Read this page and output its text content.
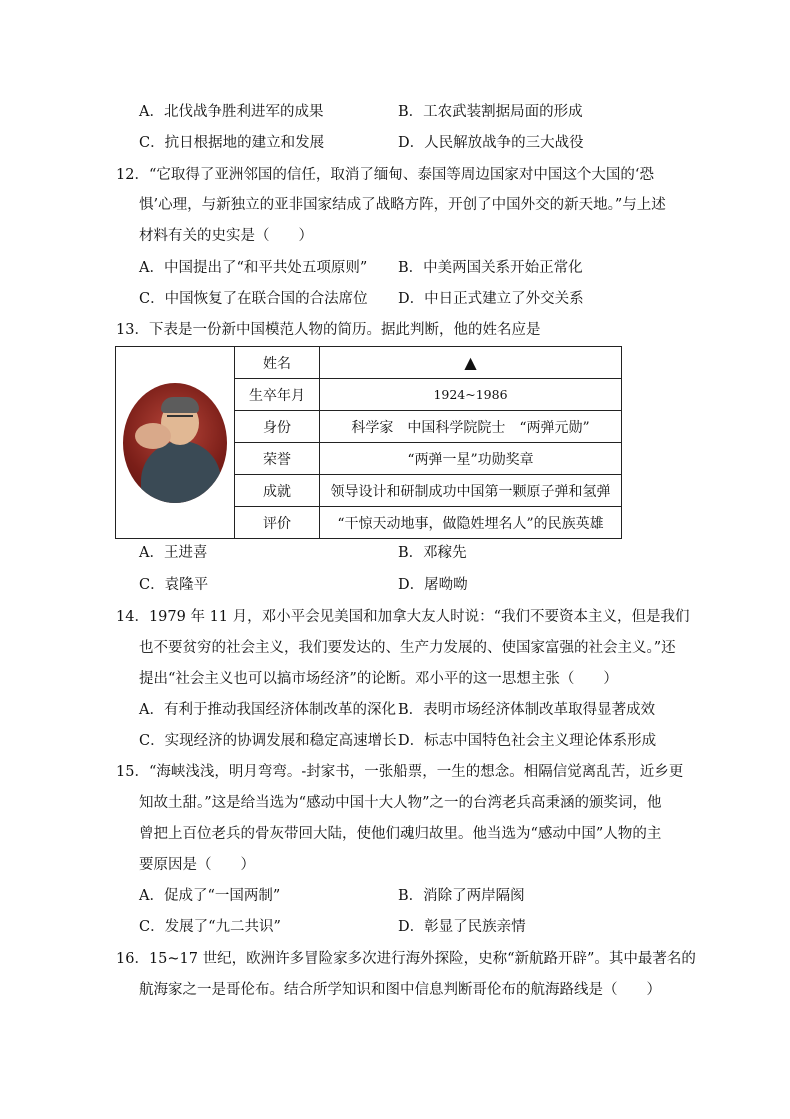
A．北伐战争胜利进军的成果	B．工农武装割据局面的形成
C．抗日根据地的建立和发展	D．人民解放战争的三大战役
12．“它取得了亚洲邻国的信任，取消了缅甸、泰国等周边国家对中国这个大国的‘恐
惧’心理，与新独立的亚非国家结成了战略方阵，开创了中国外交的新天地。”与上述
材料有关的史实是（　　）
A．中国提出了“和平共处五项原则” B．中美两国关系开始正常化
C．中国恢复了在联合国的合法席位 D．中日正式建立了外交关系
13．下表是一份新中国模范人物的简历。据此判断，他的姓名应是
	姓名	▲
	生卒年月	1924~1986
	身份	科学家　中国科学院院士　“两弹元勋”
	荣誉	“两弹一星”功勋奖章
	成就	领导设计和研制成功中国第一颗原子弹和氢弹
	评价	“干惊天动地事，做隐姓埋名人”的民族英雄
A．王进喜	B．邓稼先
C．袁隆平	D．屠呦呦
14．1979 年 11 月，邓小平会见美国和加拿大友人时说：“我们不要资本主义，但是我们
也不要贫穷的社会主义，我们要发达的、生产力发展的、使国家富强的社会主义。”还
提出“社会主义也可以搞市场经济”的论断。邓小平的这一思想主张（　　）
A．有利于推动我国经济体制改革的深化 B．表明市场经济体制改革取得显著成效
C．实现经济的协调发展和稳定高速增长 D．标志中国特色社会主义理论体系形成
15．“海峡浅浅，明月弯弯。-封家书，一张船票，一生的想念。相隔信觉离乱苦，近乡更
知故土甜。”这是给当选为“感动中国十大人物”之一的台湾老兵高秉涵的颁奖词，他
曾把上百位老兵的骨灰带回大陆，使他们魂归故里。他当选为“感动中国”人物的主
要原因是（　　）
A．促成了“一国两制”	B．消除了两岸隔阂
C．发展了“九二共识”	D．彰显了民族亲情
16．15~17 世纪，欧洲许多冒险家多次进行海外探险，史称“新航路开辟”。其中最著名的
航海家之一是哥伦布。结合所学知识和图中信息判断哥伦布的航海路线是（　　）
